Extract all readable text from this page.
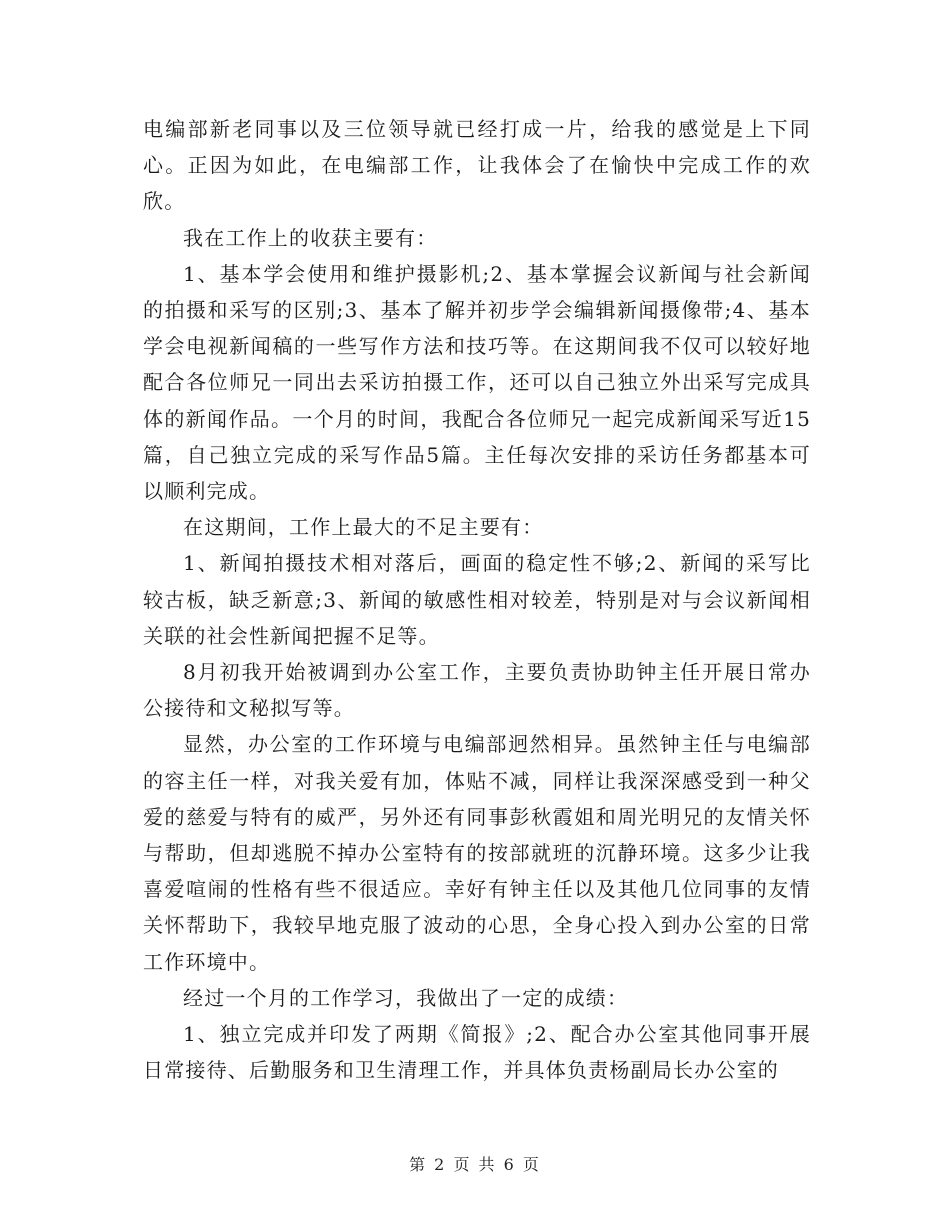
电编部新老同事以及三位领导就已经打成一片，给我的感觉是上下同心。正因为如此，在电编部工作，让我体会了在愉快中完成工作的欢欣。

我在工作上的收获主要有：

1、基本学会使用和维护摄影机;2、基本掌握会议新闻与社会新闻的拍摄和采写的区别;3、基本了解并初步学会编辑新闻摄像带;4、基本学会电视新闻稿的一些写作方法和技巧等。在这期间我不仅可以较好地配合各位师兄一同出去采访拍摄工作，还可以自己独立外出采写完成具体的新闻作品。一个月的时间，我配合各位师兄一起完成新闻采写近15篇，自己独立完成的采写作品5篇。主任每次安排的采访任务都基本可以顺利完成。

在这期间，工作上最大的不足主要有：

1、新闻拍摄技术相对落后，画面的稳定性不够;2、新闻的采写比较古板，缺乏新意;3、新闻的敏感性相对较差，特别是对与会议新闻相关联的社会性新闻把握不足等。

8月初我开始被调到办公室工作，主要负责协助钟主任开展日常办公接待和文秘拟写等。

显然，办公室的工作环境与电编部迥然相异。虽然钟主任与电编部的容主任一样，对我关爱有加，体贴不减，同样让我深深感受到一种父爱的慈爱与特有的威严，另外还有同事彭秋霞姐和周光明兄的友情关怀与帮助，但却逃脱不掉办公室特有的按部就班的沉静环境。这多少让我喜爱喧闹的性格有些不很适应。幸好有钟主任以及其他几位同事的友情关怀帮助下，我较早地克服了波动的心思，全身心投入到办公室的日常工作环境中。

经过一个月的工作学习，我做出了一定的成绩：

1、独立完成并印发了两期《简报》;2、配合办公室其他同事开展日常接待、后勤服务和卫生清理工作，并具体负责杨副局长办公室的

第 2 页 共 6 页
